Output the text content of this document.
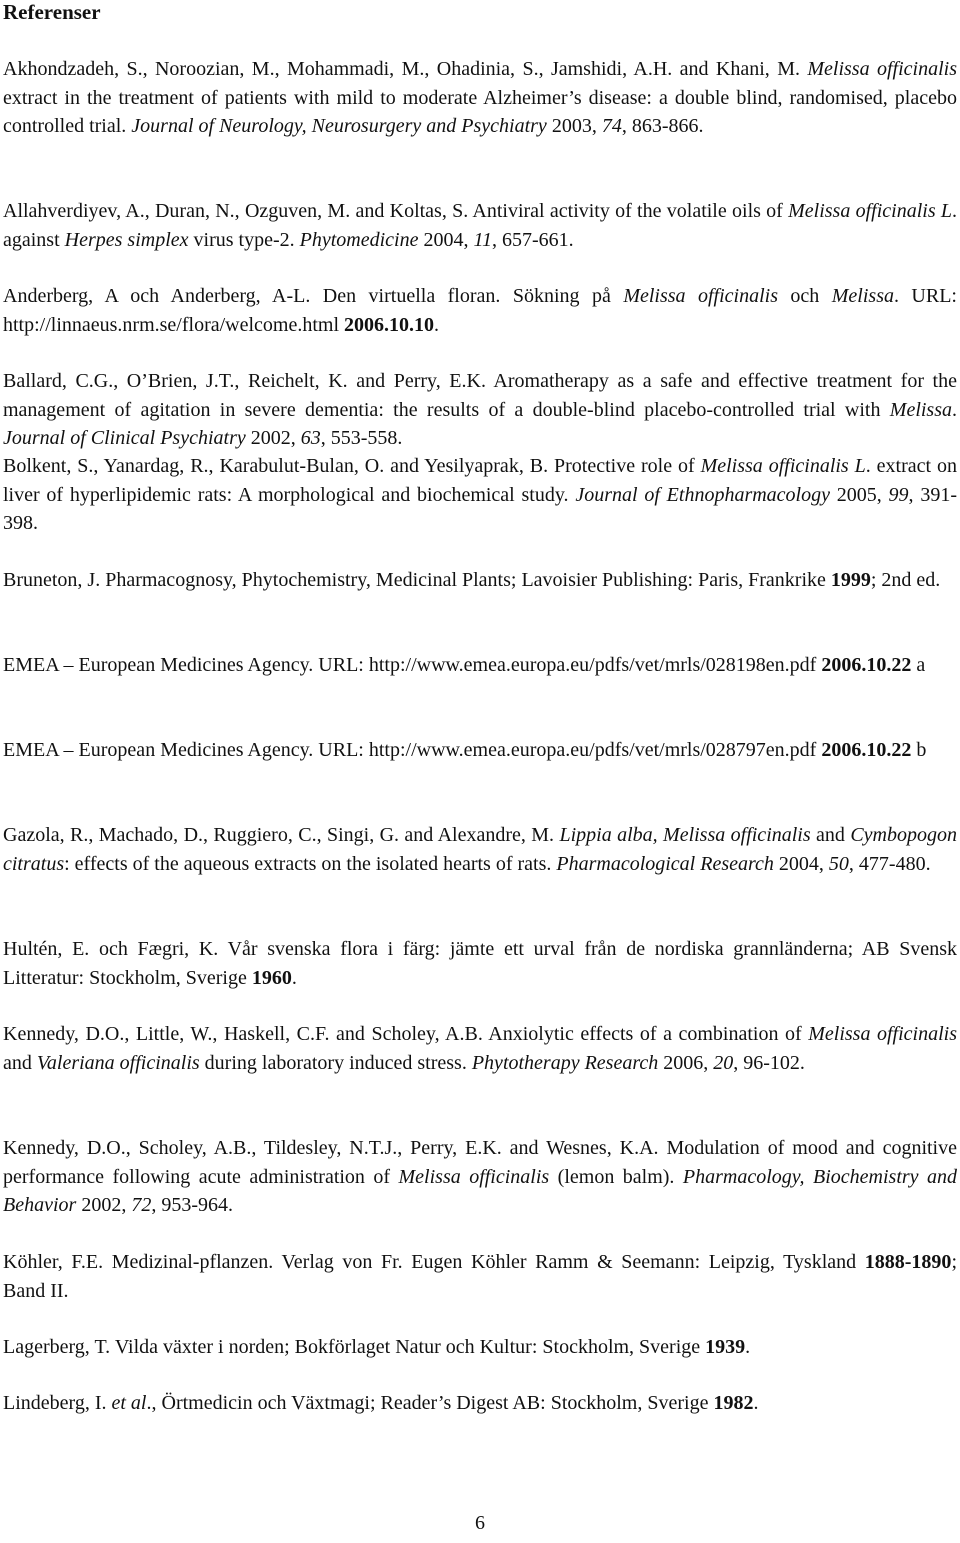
Referenser
Akhondzadeh, S., Noroozian, M., Mohammadi, M., Ohadinia, S., Jamshidi, A.H. and Khani, M. Melissa officinalis extract in the treatment of patients with mild to moderate Alzheimer’s disease: a double blind, randomised, placebo controlled trial. Journal of Neurology, Neurosurgery and Psychiatry 2003, 74, 863-866.
Allahverdiyev, A., Duran, N., Ozguven, M. and Koltas, S. Antiviral activity of the volatile oils of Melissa officinalis L. against Herpes simplex virus type-2. Phytomedicine 2004, 11, 657-661.
Anderberg, A och Anderberg, A-L. Den virtuella floran. Sökning på Melissa officinalis och Melissa. URL: http://linnaeus.nrm.se/flora/welcome.html 2006.10.10.
Ballard, C.G., O’Brien, J.T., Reichelt, K. and Perry, E.K. Aromatherapy as a safe and effective treatment for the management of agitation in severe dementia: the results of a double-blind placebo-controlled trial with Melissa. Journal of Clinical Psychiatry 2002, 63, 553-558.
Bolkent, S., Yanardag, R., Karabulut-Bulan, O. and Yesilyaprak, B. Protective role of Melissa officinalis L. extract on liver of hyperlipidemic rats: A morphological and biochemical study. Journal of Ethnopharmacology 2005, 99, 391-398.
Bruneton, J. Pharmacognosy, Phytochemistry, Medicinal Plants; Lavoisier Publishing: Paris, Frankrike 1999; 2nd ed.
EMEA – European Medicines Agency. URL: http://www.emea.europa.eu/pdfs/vet/mrls/028198en.pdf 2006.10.22 a
EMEA – European Medicines Agency. URL: http://www.emea.europa.eu/pdfs/vet/mrls/028797en.pdf 2006.10.22 b
Gazola, R., Machado, D., Ruggiero, C., Singi, G. and Alexandre, M. Lippia alba, Melissa officinalis and Cymbopogon citratus: effects of the aqueous extracts on the isolated hearts of rats. Pharmacological Research 2004, 50, 477-480.
Hultén, E. och Fægri, K. Vår svenska flora i färg: jämte ett urval från de nordiska grannländerna; AB Svensk Litteratur: Stockholm, Sverige 1960.
Kennedy, D.O., Little, W., Haskell, C.F. and Scholey, A.B. Anxiolytic effects of a combination of Melissa officinalis and Valeriana officinalis during laboratory induced stress. Phytotherapy Research 2006, 20, 96-102.
Kennedy, D.O., Scholey, A.B., Tildesley, N.T.J., Perry, E.K. and Wesnes, K.A. Modulation of mood and cognitive performance following acute administration of Melissa officinalis (lemon balm). Pharmacology, Biochemistry and Behavior 2002, 72, 953-964.
Köhler, F.E. Medizinal-pflanzen. Verlag von Fr. Eugen Köhler Ramm & Seemann: Leipzig, Tyskland 1888-1890; Band II.
Lagerberg, T. Vilda växter i norden; Bokförlaget Natur och Kultur: Stockholm, Sverige 1939.
Lindeberg, I. et al., Örtmedicin och Växtmagi; Reader’s Digest AB: Stockholm, Sverige 1982.
6
